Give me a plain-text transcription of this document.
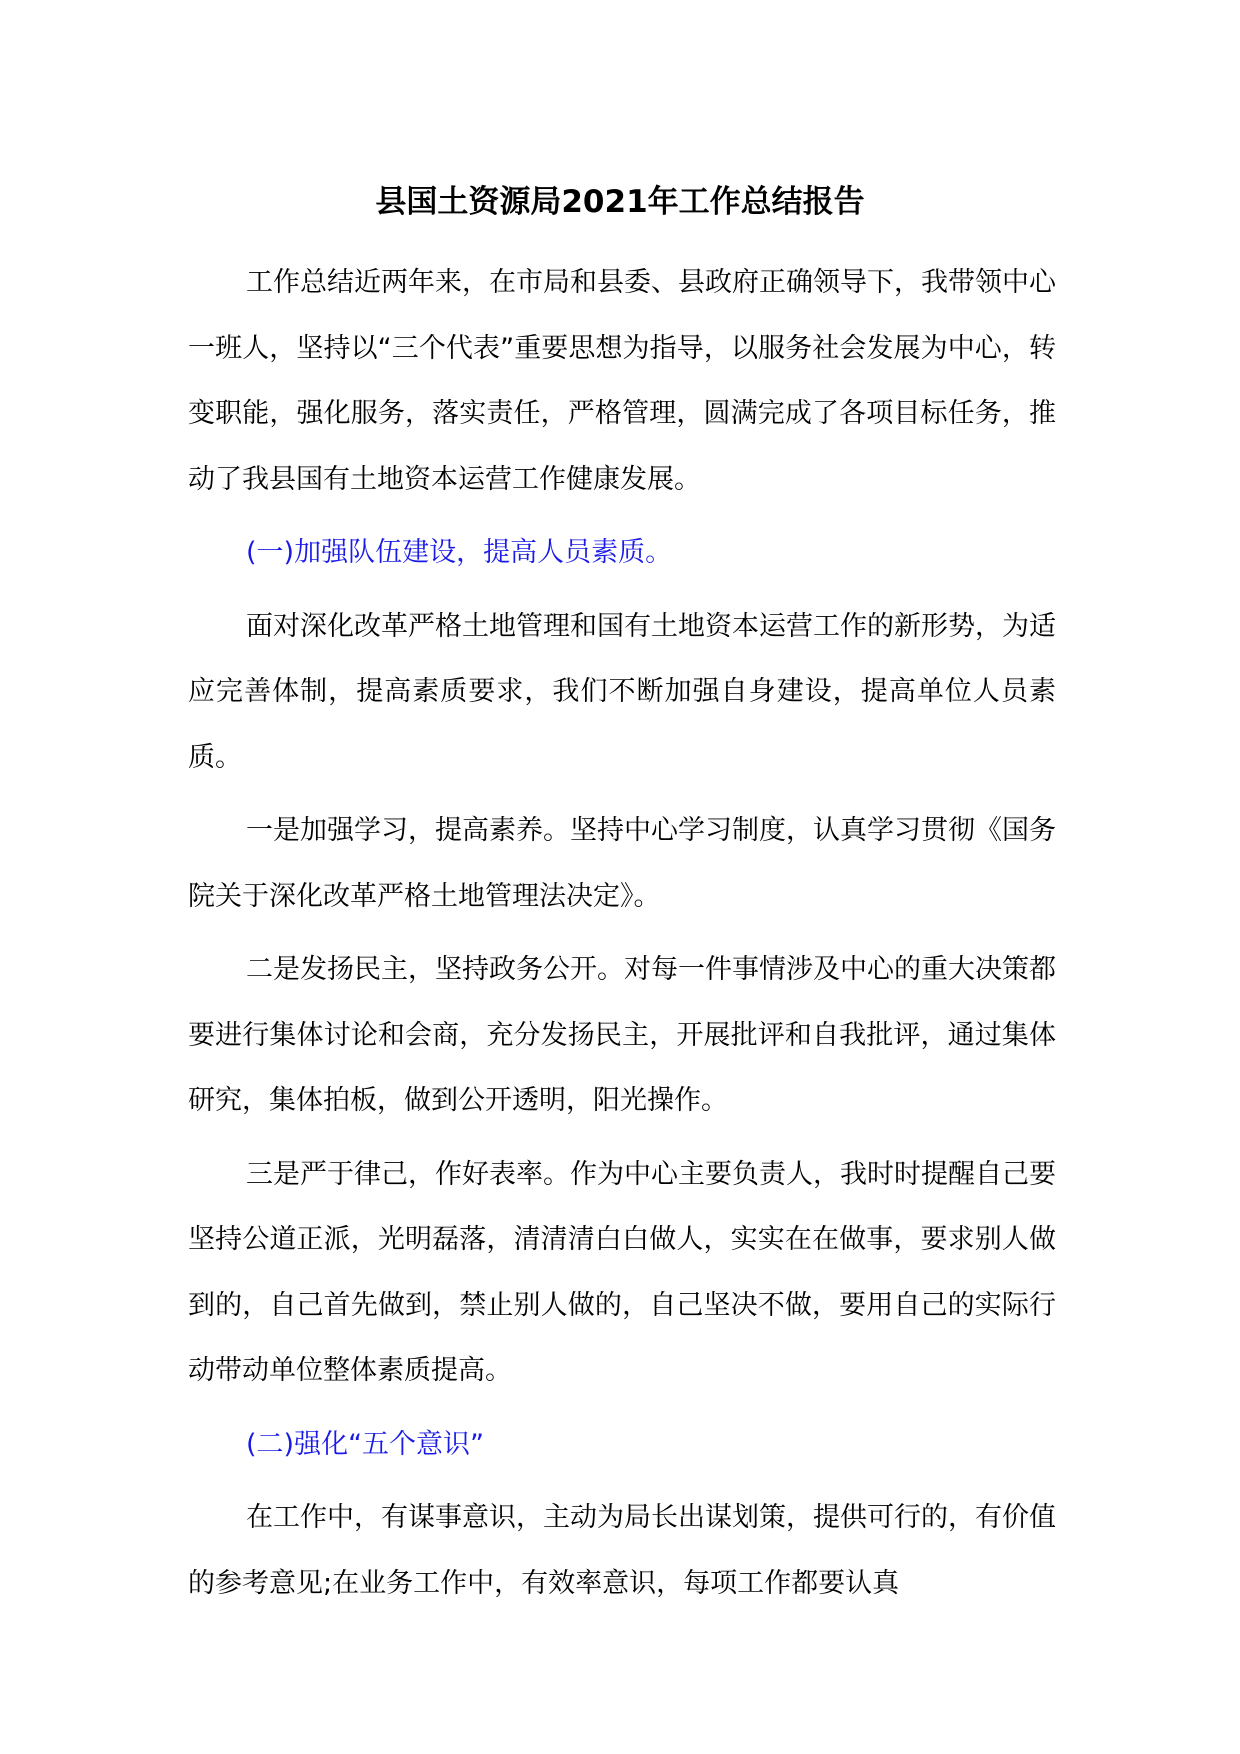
县国土资源局2021年工作总结报告

工作总结近两年来，在市局和县委、县政府正确领导下，我带领中心一班人，坚持以“三个代表”重要思想为指导，以服务社会发展为中心，转变职能，强化服务，落实责任，严格管理，圆满完成了各项目标任务，推动了我县国有土地资本运营工作健康发展。

(一)加强队伍建设，提高人员素质。

面对深化改革严格土地管理和国有土地资本运营工作的新形势，为适应完善体制，提高素质要求，我们不断加强自身建设，提高单位人员素质。

一是加强学习，提高素养。坚持中心学习制度，认真学习贯彻《国务院关于深化改革严格土地管理法决定》。

二是发扬民主，坚持政务公开。对每一件事情涉及中心的重大决策都要进行集体讨论和会商，充分发扬民主，开展批评和自我批评，通过集体研究，集体拍板，做到公开透明，阳光操作。

三是严于律己，作好表率。作为中心主要负责人，我时时提醒自己要坚持公道正派，光明磊落，清清清白白做人，实实在在做事，要求别人做到的，自己首先做到，禁止别人做的，自己坚决不做，要用自己的实际行动带动单位整体素质提高。

(二)强化“五个意识”

在工作中，有谋事意识，主动为局长出谋划策，提供可行的，有价值的参考意见;在业务工作中，有效率意识，每项工作都要认真
